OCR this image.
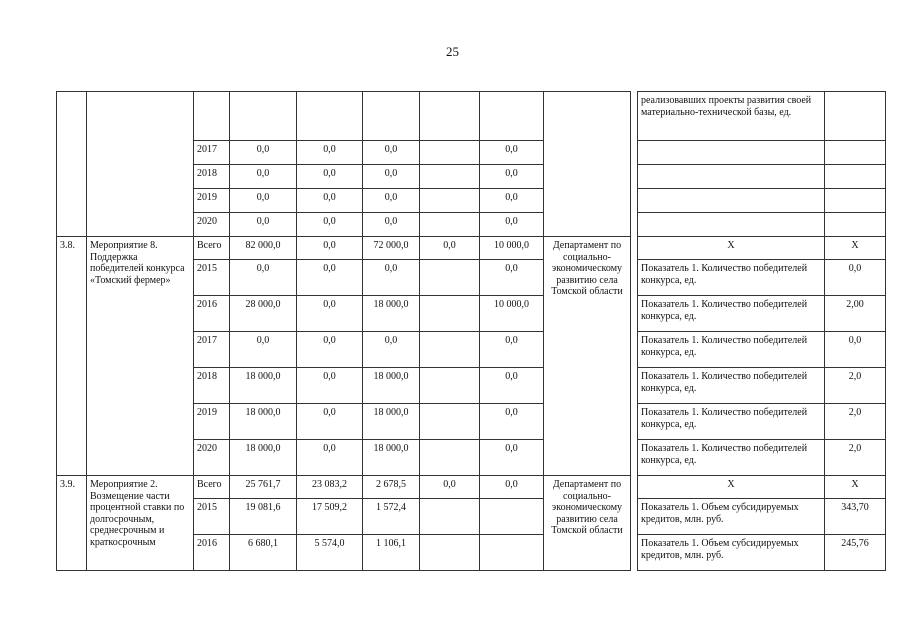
25
										реализовавших проекты развития своей материально-технической базы, ед.	
		2017	0,0	0,0	0,0		0,0				
		2018	0,0	0,0	0,0		0,0				
		2019	0,0	0,0	0,0		0,0				
		2020	0,0	0,0	0,0		0,0				
3.8.	Мероприятие 8. Поддержка победителей конкурса «Томский фермер»	Всего	82 000,0	0,0	72 000,0	0,0	10 000,0	Департамент по социально-экономическому развитию села Томской области		X	X
		2015	0,0	0,0	0,0		0,0			Показатель 1. Количество победителей конкурса, ед.	0,0
		2016	28 000,0	0,0	18 000,0		10 000,0			Показатель 1. Количество победителей конкурса, ед.	2,00
		2017	0,0	0,0	0,0		0,0			Показатель 1. Количество победителей конкурса, ед.	0,0
		2018	18 000,0	0,0	18 000,0		0,0			Показатель 1. Количество победителей конкурса, ед.	2,0
		2019	18 000,0	0,0	18 000,0		0,0			Показатель 1. Количество победителей конкурса, ед.	2,0
		2020	18 000,0	0,0	18 000,0		0,0			Показатель 1. Количество победителей конкурса, ед.	2,0
3.9.	Мероприятие 2. Возмещение части процентной ставки по долгосрочным, среднесрочным и краткосрочным	Всего	25 761,7	23 083,2	2 678,5	0,0	0,0	Департамент по социально-экономическому развитию села Томской области		X	X
		2015	19 081,6	17 509,2	1 572,4					Показатель 1. Объем субсидируемых кредитов, млн. руб.	343,70
		2016	6 680,1	5 574,0	1 106,1					Показатель 1. Объем субсидируемых кредитов, млн. руб.	245,76
